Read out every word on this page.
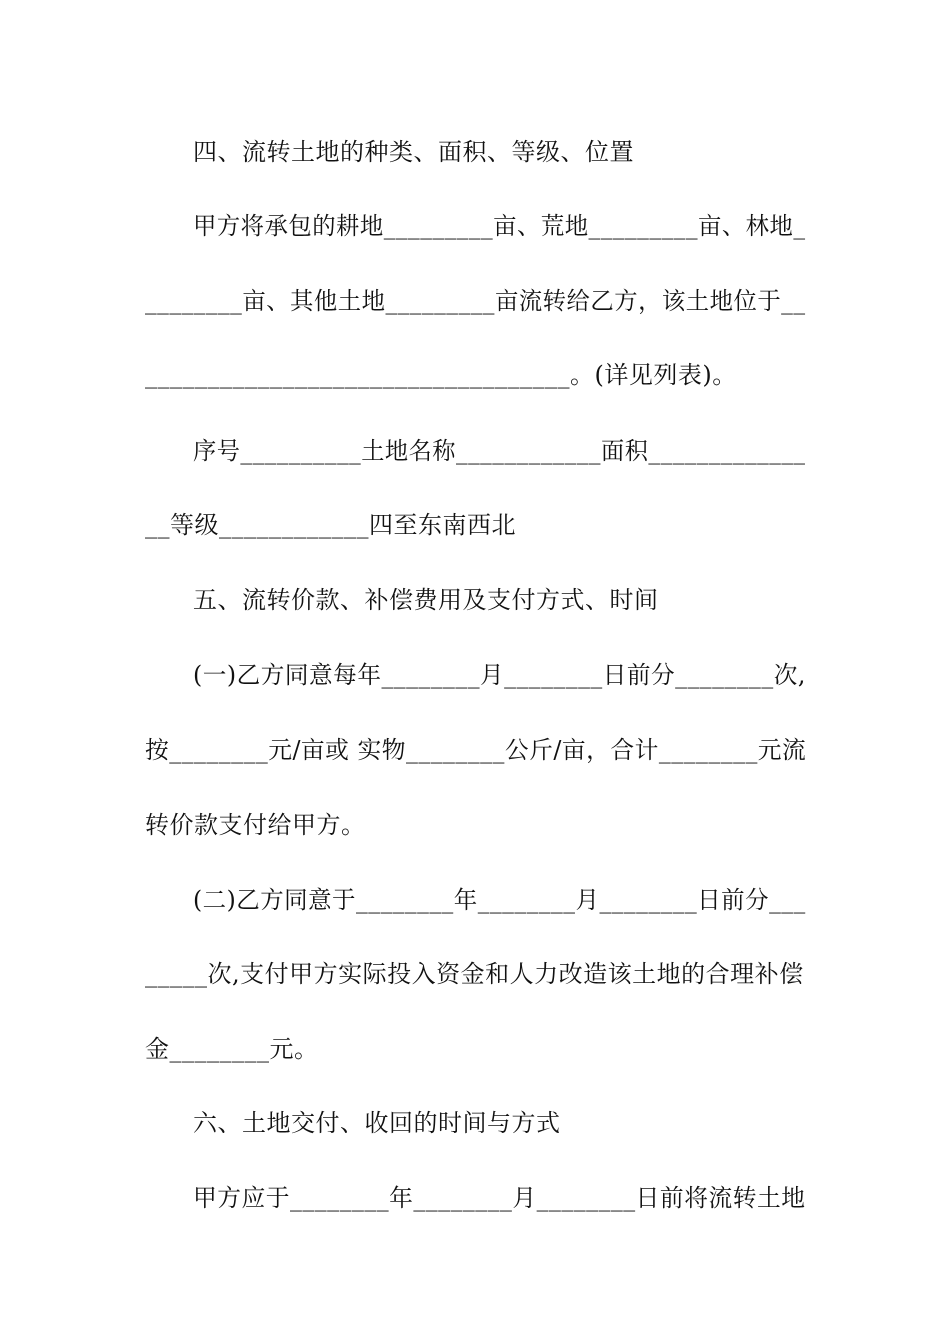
四、流转土地的种类、面积、等级、位置
甲方将承包的耕地_________亩、荒地_________亩、林地_
________亩、其他土地_________亩流转给乙方，该土地位于__
__________________________________。(详见列表)。
序号__________土地名称____________面积_____________
__等级____________四至东南西北
五、流转价款、补偿费用及支付方式、时间
(一)乙方同意每年________月________日前分________次,
按________元/亩或 实物________公斤/亩，合计________元流
转价款支付给甲方。
(二)乙方同意于________年________月________日前分___
_____次,支付甲方实际投入资金和人力改造该土地的合理补偿
金________元。
六、土地交付、收回的时间与方式
甲方应于________年________月________日前将流转土地
